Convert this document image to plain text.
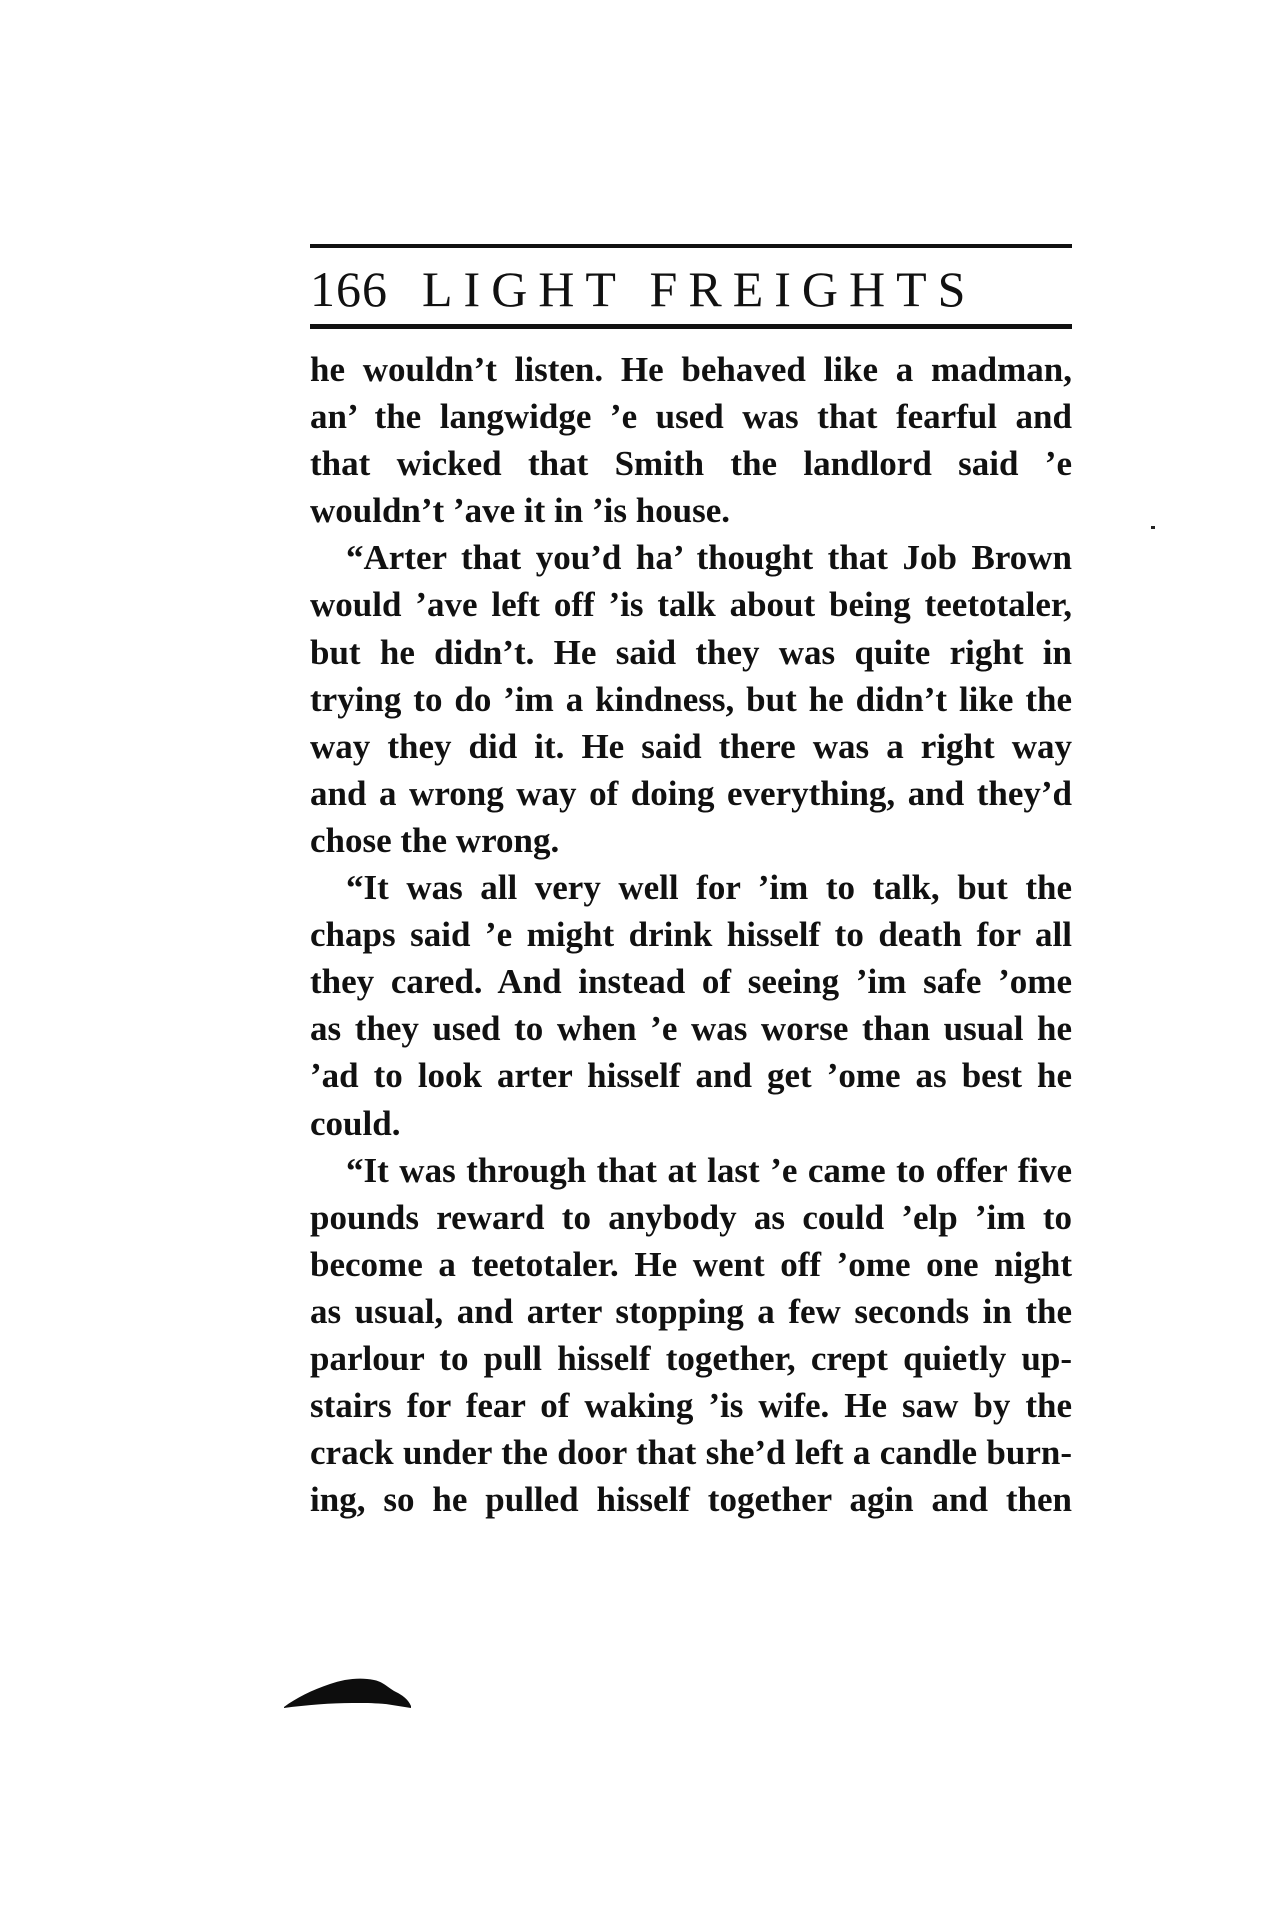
166 LIGHT FREIGHTS
he wouldn’t listen. He behaved like a madman,
an’ the langwidge ’e used was that fearful and
that wicked that Smith the landlord said ’e
wouldn’t ’ave it in ’is house.
“Arter that you’d ha’ thought that Job Brown
would ’ave left off ’is talk about being teetotaler,
but he didn’t. He said they was quite right in
trying to do ’im a kindness, but he didn’t like the
way they did it. He said there was a right way
and a wrong way of doing everything, and they’d
chose the wrong.
“It was all very well for ’im to talk, but the
chaps said ’e might drink hisself to death for all
they cared. And instead of seeing ’im safe ’ome
as they used to when ’e was worse than usual he
’ad to look arter hisself and get ’ome as best he
could.
“It was through that at last ’e came to offer five
pounds reward to anybody as could ’elp ’im to
become a teetotaler. He went off ’ome one night
as usual, and arter stopping a few seconds in the
parlour to pull hisself together, crept quietly up-
stairs for fear of waking ’is wife. He saw by the
crack under the door that she’d left a candle burn-
ing, so he pulled hisself together agin and then
